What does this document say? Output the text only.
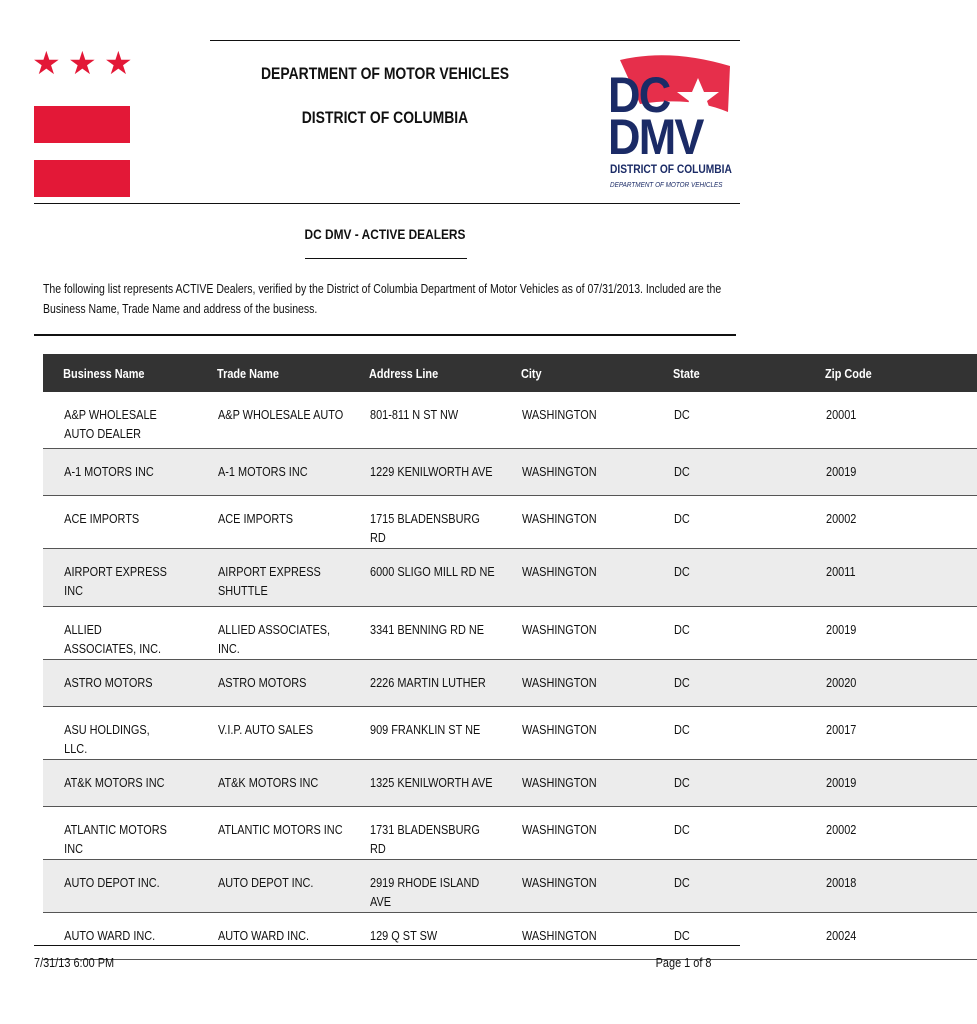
★ ★ ★	DEPARTMENT OF MOTOR VEHICLES
DISTRICT OF COLUMBIA	DC
DMV
DISTRICT OF COLUMBIA
DEPARTMENT OF MOTOR VEHICLES
DC DMV - ACTIVE DEALERS
The following list represents ACTIVE Dealers, verified by the District of Columbia Department of Motor Vehicles as of 07/31/2013. Included are the Business Name, Trade Name and address of the business.
Business Name	Trade Name	Address Line	City	State	Zip Code
A&P WHOLESALE AUTO DEALER	A&P WHOLESALE AUTO	801-811 N ST NW	WASHINGTON	DC	20001
A-1 MOTORS INC	A-1 MOTORS INC	1229 KENILWORTH AVE	WASHINGTON	DC	20019
ACE IMPORTS	ACE IMPORTS	1715 BLADENSBURG RD	WASHINGTON	DC	20002
AIRPORT EXPRESS INC	AIRPORT EXPRESS SHUTTLE	6000 SLIGO MILL RD NE	WASHINGTON	DC	20011
ALLIED ASSOCIATES, INC.	ALLIED ASSOCIATES, INC.	3341 BENNING RD NE	WASHINGTON	DC	20019
ASTRO MOTORS	ASTRO MOTORS	2226 MARTIN LUTHER	WASHINGTON	DC	20020
ASU HOLDINGS, LLC.	V.I.P. AUTO SALES	909 FRANKLIN ST NE	WASHINGTON	DC	20017
AT&K MOTORS INC	AT&K MOTORS INC	1325 KENILWORTH AVE	WASHINGTON	DC	20019
ATLANTIC MOTORS INC	ATLANTIC MOTORS INC	1731 BLADENSBURG RD	WASHINGTON	DC	20002
AUTO DEPOT INC.	AUTO DEPOT INC.	2919 RHODE ISLAND AVE	WASHINGTON	DC	20018
AUTO WARD INC.	AUTO WARD INC.	129 Q ST SW	WASHINGTON	DC	20024
7/31/13 6:00 PM	Page 1 of 8
